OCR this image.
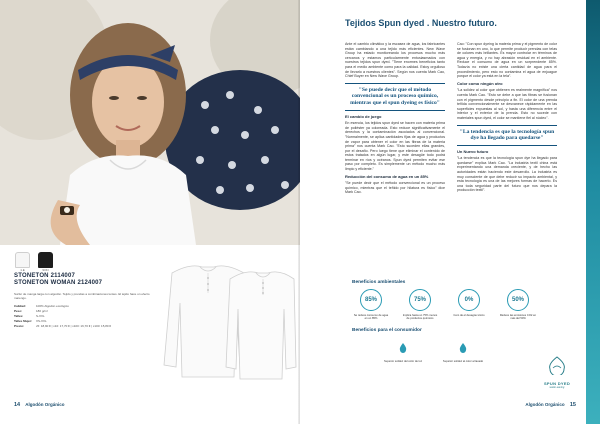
1.E	9ON
STONETON 2114007
STONETON WOMAN 2124007
Surfer de manga larga con algodón. Tejido y prendas a combinaciones lentes. El tejido hace un efecto marengo.
Calidad:	100% Algodón ecológico
Peso:	180 g/m²
Talles:	S-XXL
Talles Mujer:	XS-XXL
Precio:	x5: 18,90 € | x10: 17,70 € | x100: 16,70 € | x100: 15,80 €
14 Algodón Orgánico
Tejidos Spun dyed . Nuestro futuro.

Ante el cambio climático y la escasez de agua, los fabricantes están cambiando a una tejido más eficientes. New Wave Group ha estado monitoreando los procesos mucho más cercanos y estamos particularmente entusiasmados con nuestros tejidos spun dyed. "Tiene enormes beneficios tanto para el medio ambiente como para la calidad. Estoy orgulloso de llevarlo a nuestros clientes". Según nos cuenta Mark Cao, Chief Buyer en New Wave Group.

"Se puede decir que el método convencional es un proceso químico, mientras que el spun dyeing es físico"
El cambio de juego

En esencia, los tejidos spun dyed se hacen con materia prima de poliéster ya coloreada. Esto reduce significativamente el derechos y la contaminación asociados al convencional. "Normalmente, se aplica cantidades fijas de agua y productos de vapor para obtener el color en las fibras de la materia prima" nos cuenta Mark Cao. "Esto suceden ellas grandes, por el desafío. Pero luego tiene que eliminar el contenido de estos tratados en algún lugar, y este desagüe todo podrá terminar en ríos y océanos. Spun dyed permiten evitar ese paso por completo. Es simplemente un método mucho más limpio y eficiente."

Reducción del consumo de agua en un 85%

"Se puede decir que el método convencional es un proceso químico, mientras que el teñido por hilatura es físico" dice Mark Cao.

Cao: "Con spun dyeing la materia prima y el pigmento de color se fusionan en uno, lo que permite producir prendas con telas de colores más brillantes. Es mayor controlar en términos de agua y energía, y no hay abrasión residual en el ambiente. Reduce el consumo de agua en un sorprendente 85%. Todavía no existe una cierta cantidad de agua para el procedimiento, pero esto no contamina el agua de enjuague porque el color ya está en la tela".

Color como ningún otro

"La solidez al color que obtienen es realmente magnífica" nos cuenta Mark Cao. "Esto se debe a que las fibras se fusionan con el pigmento desde principio a fin. El color de una prenda teñida convencionalmente se desvanece rápidamente en las superficies expuestas al sol, y hasta una diferencia entre el interior y el exterior de la prenda. Esto no sucede con materiales spun dyed, el color se mantiene fiel al núcleo".

"La tendencia es que la tecnología spun dye ha llegado para quedarse"
Un Nuevo futuro

"La tendencia es que la tecnología spun dye ha llegado para quedarse" explica Mark Cao. "La industria textil china está experimentando una demanda creciente, y de hecho las autoridades están haciendo este desarrollo. La industria es muy consciente de que debe reducir su impacto ambiental, y esta tecnología es una de las mejores formas de hacerlo. Es una toda seguridad parte del futuro que nos depara la producción textil".

Beneficios ambientales
85%
Se reduce consumo de agua en un 85%
75%
Implica hasta un 75% menos de productos químicos
0%
Cero de el desagüe tóxico
50%
Reduce las emisiones CO2 en más del 50%
Beneficios para el consumidor
Superior solidez del color de luz	Superior solidez al color al lavado
SPUN DYED
water-saving
Algodón Orgánico 15
